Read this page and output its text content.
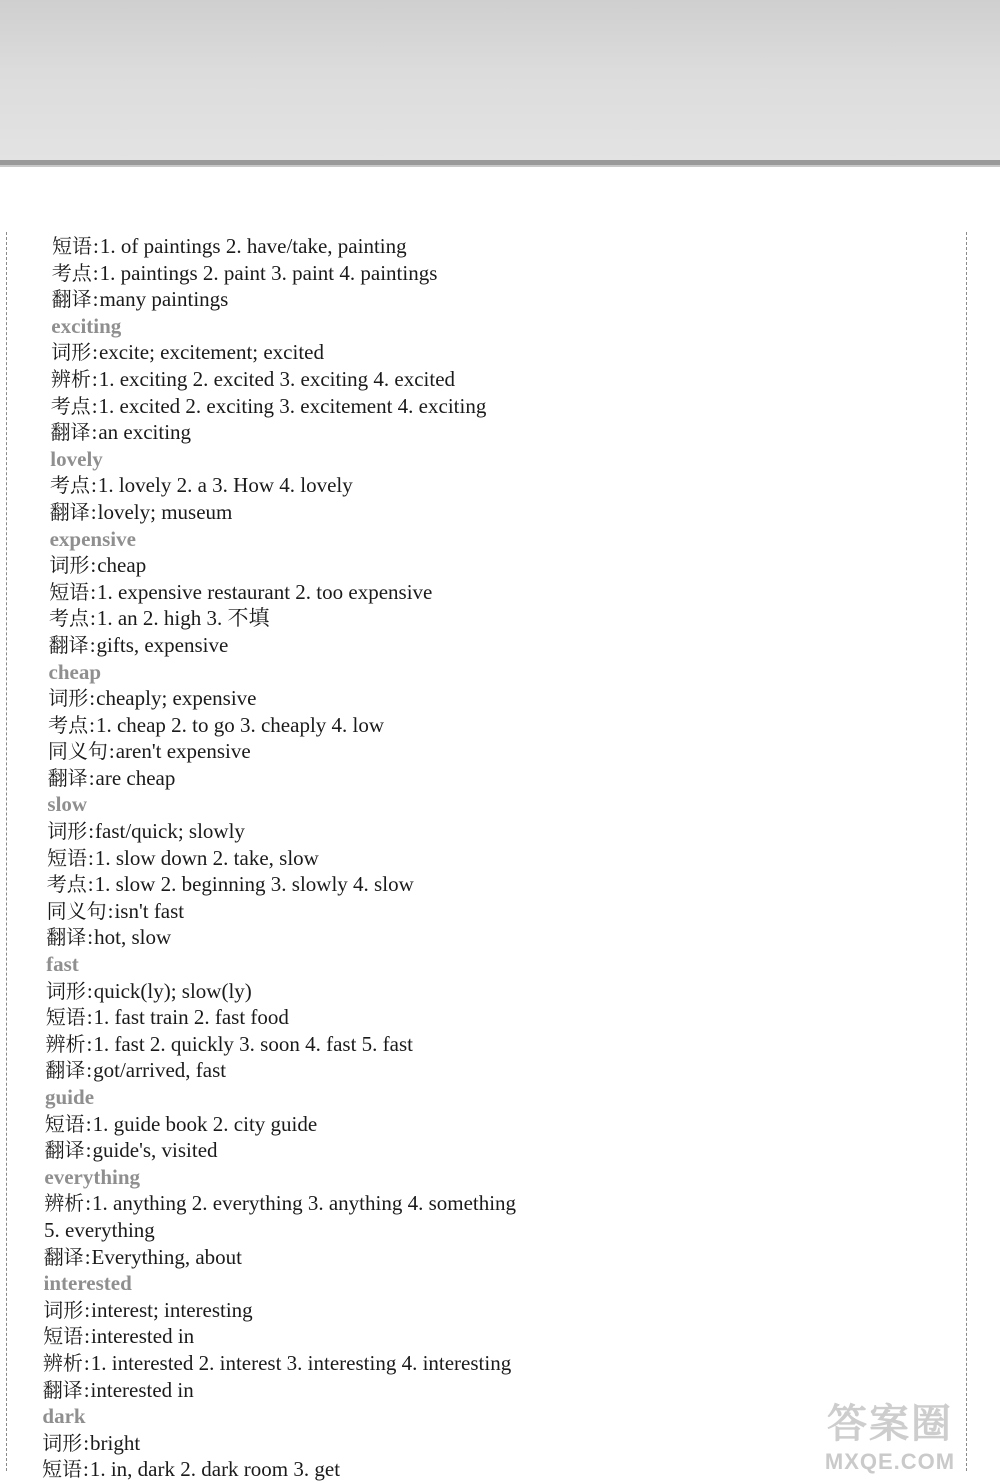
短语:1. of paintings 2. have/take, painting
考点:1. paintings 2. paint 3. paint 4. paintings
翻译:many paintings
exciting
词形:excite; excitement; excited
辨析:1. exciting 2. excited 3. exciting 4. excited
考点:1. excited 2. exciting 3. excitement 4. exciting
翻译:an exciting
lovely
考点:1. lovely 2. a 3. How 4. lovely
翻译:lovely; museum
expensive
词形:cheap
短语:1. expensive restaurant 2. too expensive
考点:1. an 2. high 3. 不填
翻译:gifts, expensive
cheap
词形:cheaply; expensive
考点:1. cheap 2. to go 3. cheaply 4. low
同义句:aren't expensive
翻译:are cheap
slow
词形:fast/quick; slowly
短语:1. slow down 2. take, slow
考点:1. slow 2. beginning 3. slowly 4. slow
同义句:isn't fast
翻译:hot, slow
fast
词形:quick(ly); slow(ly)
短语:1. fast train 2. fast food
辨析:1. fast 2. quickly 3. soon 4. fast 5. fast
翻译:got/arrived, fast
guide
短语:1. guide book 2. city guide
翻译:guide's, visited
everything
辨析:1. anything 2. everything 3. anything 4. something
5. everything
翻译:Everything, about
interested
词形:interest; interesting
短语:interested in
辨析:1. interested 2. interest 3. interesting 4. interesting
翻译:interested in
dark
词形:bright
短语:1. in, dark 2. dark room 3. get
答案圈
MXQE.COM
